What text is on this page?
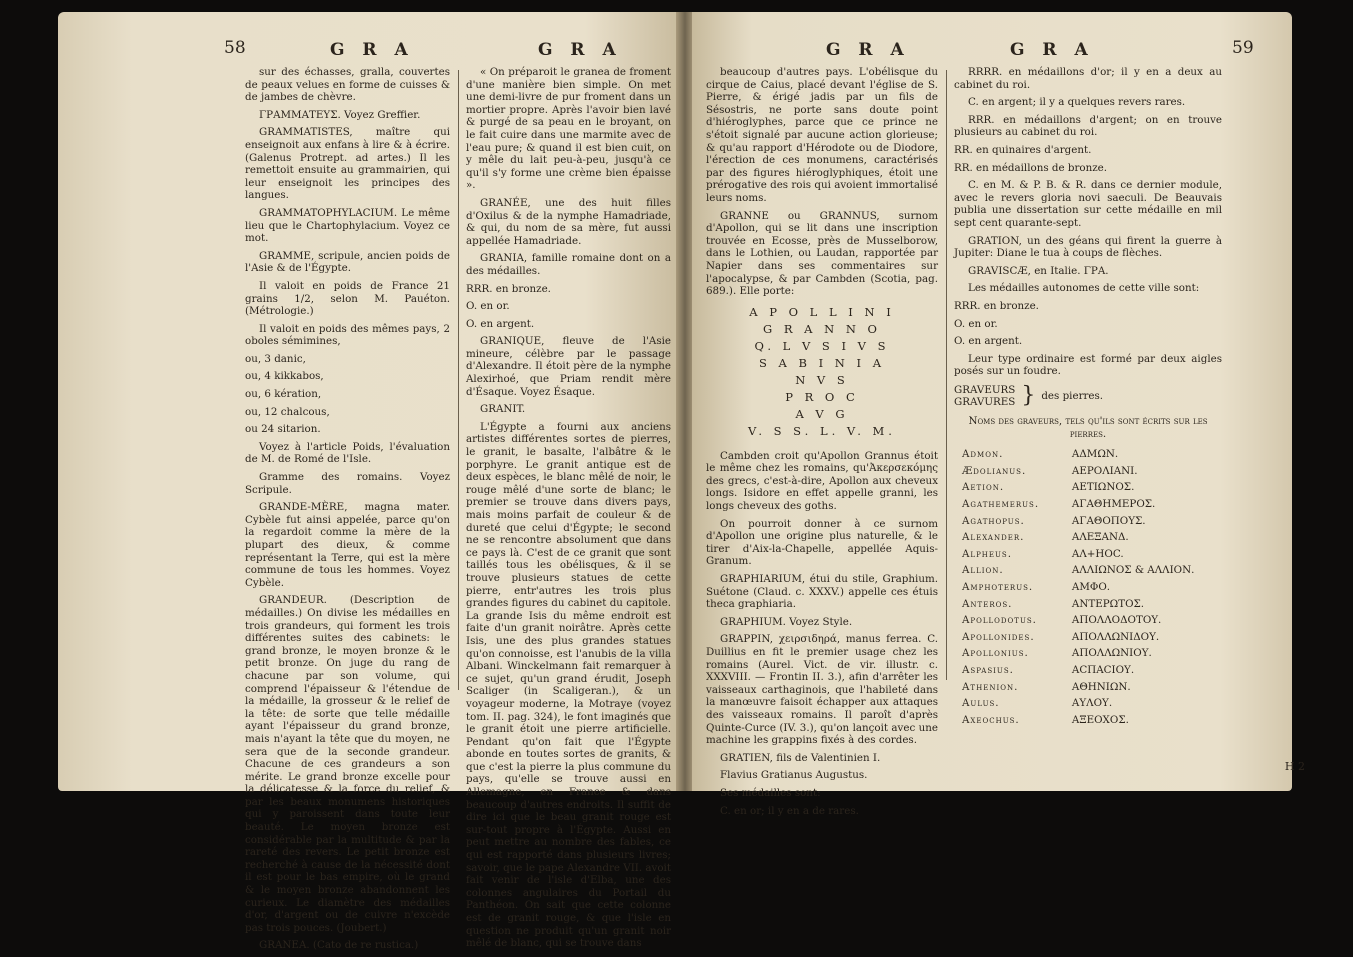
58	G R A	G R A

sur des échasses, gralla, couvertes de peaux velues en forme de cuisses & de jambes de chèvre.

ΓΡΑΜΜΑΤΕΥΣ. Voyez Greffier.

GRAMMATISTES, maître qui enseignoit aux enfans à lire & à écrire. (Galenus Protrept. ad artes.) Il les remettoit ensuite au grammairien, qui leur enseignoit les principes des langues.

GRAMMATOPHYLACIUM. Le même lieu que le Chartophylacium. Voyez ce mot.

GRAMME, scripule, ancien poids de l'Asie & de l'Égypte.

Il valoit en poids de France 21 grains 1/2, selon M. Pauéton. (Métrologie.)

Il valoit en poids des mêmes pays, 2 oboles sémimines,

ou, 3 danic,

ou, 4 kikkabos,

ou, 6 kération,

ou, 12 chalcous,

ou 24 sitarion.

Voyez à l'article Poids, l'évaluation de M. de Romé de l'Isle.

Gramme des romains. Voyez Scripule.

GRANDE-MÈRE, magna mater. Cybèle fut ainsi appelée, parce qu'on la regardoit comme la mère de la plupart des dieux, & comme représentant la Terre, qui est la mère commune de tous les hommes. Voyez Cybèle.

GRANDEUR. (Description de médailles.) On divise les médailles en trois grandeurs, qui forment les trois différentes suites des cabinets: le grand bronze, le moyen bronze & le petit bronze. On juge du rang de chacune par son volume, qui comprend l'épaisseur & l'étendue de la médaille, la grosseur & le relief de la tête: de sorte que telle médaille ayant l'épaisseur du grand bronze, mais n'ayant la tête que du moyen, ne sera que de la seconde grandeur. Chacune de ces grandeurs a son mérite. Le grand bronze excelle pour la délicatesse & la force du relief, & par les beaux monumens historiques qui y paroissent dans toute leur beauté. Le moyen bronze est considérable par la multitude & par la rareté des revers. Le petit bronze est recherché à cause de la nécessité dont il est pour le bas empire, où le grand & le moyen bronze abandonnent les curieux. Le diamètre des médailles d'or, d'argent ou de cuivre n'excède pas trois pouces. (Joubert.)

GRANEA. (Cato de re rustica.)

« On préparoit le granea de froment d'une manière bien simple. On met une demi-livre de pur froment dans un mortier propre. Après l'avoir bien lavé & purgé de sa peau en le broyant, on le fait cuire dans une marmite avec de l'eau pure; & quand il est bien cuit, on y mêle du lait peu-à-peu, jusqu'à ce qu'il s'y forme une crème bien épaisse ».

GRANÉE, une des huit filles d'Oxilus & de la nymphe Hamadriade, & qui, du nom de sa mère, fut aussi appellée Hamadriade.

GRANIA, famille romaine dont on a des médailles.

RRR. en bronze.

O. en or.

O. en argent.

GRANIQUE, fleuve de l'Asie mineure, célèbre par le passage d'Alexandre. Il étoit père de la nymphe Alexirhoé, que Priam rendit mère d'Ésaque. Voyez Ésaque.

GRANIT.

L'Égypte a fourni aux anciens artistes différentes sortes de pierres, le granit, le basalte, l'albâtre & le porphyre. Le granit antique est de deux espèces, le blanc mêlé de noir, le rouge mêlé d'une sorte de blanc; le premier se trouve dans divers pays, mais moins parfait de couleur & de dureté que celui d'Égypte; le second ne se rencontre absolument que dans ce pays là. C'est de ce granit que sont taillés tous les obélisques, & il se trouve plusieurs statues de cette pierre, entr'autres les trois plus grandes figures du cabinet du capitole. La grande Isis du même endroit est faite d'un granit noirâtre. Après cette Isis, une des plus grandes statues qu'on connoisse, est l'anubis de la villa Albani. Winckelmann fait remarquer à ce sujet, qu'un grand érudit, Joseph Scaliger (in Scaligeran.), & un voyageur moderne, la Motraye (voyez tom. II. pag. 324), le font imaginés que le granit étoit une pierre artificielle. Pendant qu'on fait que l'Égypte abonde en toutes sortes de granits, & que c'est la pierre la plus commune du pays, qu'elle se trouve aussi en Allemagne, en France & dans beaucoup d'autres endroits. Il suffit de dire ici que le beau granit rouge est sur-tout propre à l'Égypte. Aussi en peut mettre au nombre des fables, ce qui est rapporté dans plusieurs livres; savoir, que le pape Alexandre VII. avoit fait venir de l'isle d'Elba, une des colonnes angulaires du Portail du Panthéon. On sait que cette colonne est de granit rouge, & que l'isle en question ne produit qu'un granit noir mêlé de blanc, qui se trouve dans

G R A	G R A	59

beaucoup d'autres pays. L'obélisque du cirque de Caius, placé devant l'église de S. Pierre, & érigé jadis par un fils de Sésostris, ne porte sans doute point d'hiéroglyphes, parce que ce prince ne s'étoit signalé par aucune action glorieuse; & qu'au rapport d'Hérodote ou de Diodore, l'érection de ces monumens, caractérisés par des figures hiéroglyphiques, étoit une prérogative des rois qui avoient immortalisé leurs noms.

GRANNE ou GRANNUS, surnom d'Apollon, qui se lit dans une inscription trouvée en Ecosse, près de Musselborow, dans le Lothien, ou Laudan, rapportée par Napier dans ses commentaires sur l'apocalypse, & par Cambden (Scotia, pag. 689.). Elle porte:

A P O L L I N I
G R A N N O
Q. L V S I V S
S A B I N I A
N V S
P R O C
A V G
V. S S. L. V. M.

Cambden croit qu'Apollon Grannus étoit le même chez les romains, qu'Ἀκερσεκόμης des grecs, c'est-à-dire, Apollon aux cheveux longs. Isidore en effet appelle granni, les longs cheveux des goths.

On pourroit donner à ce surnom d'Apollon une origine plus naturelle, & le tirer d'Aix-la-Chapelle, appellée Aquis-Granum.

GRAPHIARIUM, étui du stile, Graphium. Suétone (Claud. c. XXXV.) appelle ces étuis theca graphiaria.

GRAPHIUM. Voyez Style.

GRAPPIN, χειρσιδηρά, manus ferrea. C. Duillius en fit le premier usage chez les romains (Aurel. Vict. de vir. illustr. c. XXXVIII. — Frontin II. 3.), afin d'arrêter les vaisseaux carthaginois, que l'habileté dans la manœuvre faisoit échapper aux attaques des vaisseaux romains. Il paroît d'après Quinte-Curce (IV. 3.), qu'on lançoit avec une machine les grappins fixés à des cordes.

GRATIEN, fils de Valentinien I.

Flavius Gratianus Augustus.

Ses médailles sont:

C. en or; il y en a de rares.

RRRR. en médaillons d'or; il y en a deux au cabinet du roi.

C. en argent; il y a quelques revers rares.

RRR. en médaillons d'argent; on en trouve plusieurs au cabinet du roi.

RR. en quinaires d'argent.

RR. en médaillons de bronze.

C. en M. & P. B. & R. dans ce dernier module, avec le revers gloria novi saeculi. De Beauvais publia une dissertation sur cette médaille en mil sept cent quarante-sept.

GRATION, un des géans qui firent la guerre à Jupiter: Diane le tua à coups de flèches.

GRAVISCÆ, en Italie. ΓΡΑ.

Les médailles autonomes de cette ville sont:

RRR. en bronze.

O. en or.

O. en argent.

Leur type ordinaire est formé par deux aigles posés sur un foudre.

GRAVEURS
GRAVURES } des pierres.

Noms des graveurs, tels qu'ils sont écrits sur les pierres.

Admon.	ΑΔΜΩΝ.
Ædolianus.	ΑΕΡΟΛΙΑΝΙ.
Aetion.	ΑΕΤΙΩΝΟΣ.
Agathemerus.	ΑΓΑΘΗΜΕΡΟΣ.
Agathopus.	ΑΓΑΘΟΠΟΥΣ.
Alexander.	ΑΛΕΞΑΝΔ.
Alpheus.	ΑΛ+ΗΟC.
Allion.	ΑΛΛΙΩΝΟΣ & ΑΛΛΙΟΝ.
Amphoterus.	ΑΜΦΟ.
Anteros.	ΑΝΤΕΡΩΤΟΣ.
Apollodotus.	ΑΠΟΛΛΟΔΟΤΟΥ.
Apollonides.	ΑΠΟΛΛΩΝΙΔΟΥ.
Apollonius.	ΑΠΟΛΛΩΝΙΟΥ.
Aspasius.	ΑCΠΑCΙΟΥ.
Athenion.	ΑΘΗΝΙΩΝ.
Aulus.	ΑΥΛΟΥ.
Axeochus.	ΑΞΕΟΧΟΣ.
H 2
